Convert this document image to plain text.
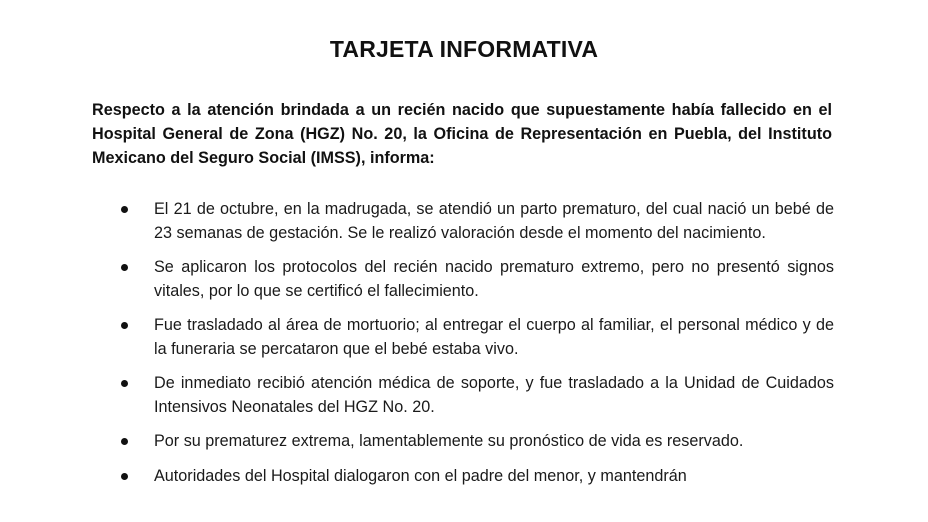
TARJETA INFORMATIVA
Respecto a la atención brindada a un recién nacido que supuestamente había fallecido en el Hospital General de Zona (HGZ) No. 20, la Oficina de Representación en Puebla, del Instituto Mexicano del Seguro Social (IMSS), informa:
El 21 de octubre, en la madrugada, se atendió un parto prematuro, del cual nació un bebé de 23 semanas de gestación. Se le realizó valoración desde el momento del nacimiento.
Se aplicaron los protocolos del recién nacido prematuro extremo, pero no presentó signos vitales, por lo que se certificó el fallecimiento.
Fue trasladado al área de mortuorio; al entregar el cuerpo al familiar, el personal médico y de la funeraria se percataron que el bebé estaba vivo.
De inmediato recibió atención médica de soporte, y fue trasladado a la Unidad de Cuidados Intensivos Neonatales del HGZ No. 20.
Por su prematurez extrema, lamentablemente su pronóstico de vida es reservado.
Autoridades del Hospital dialogaron con el padre del menor, y mantendrán
